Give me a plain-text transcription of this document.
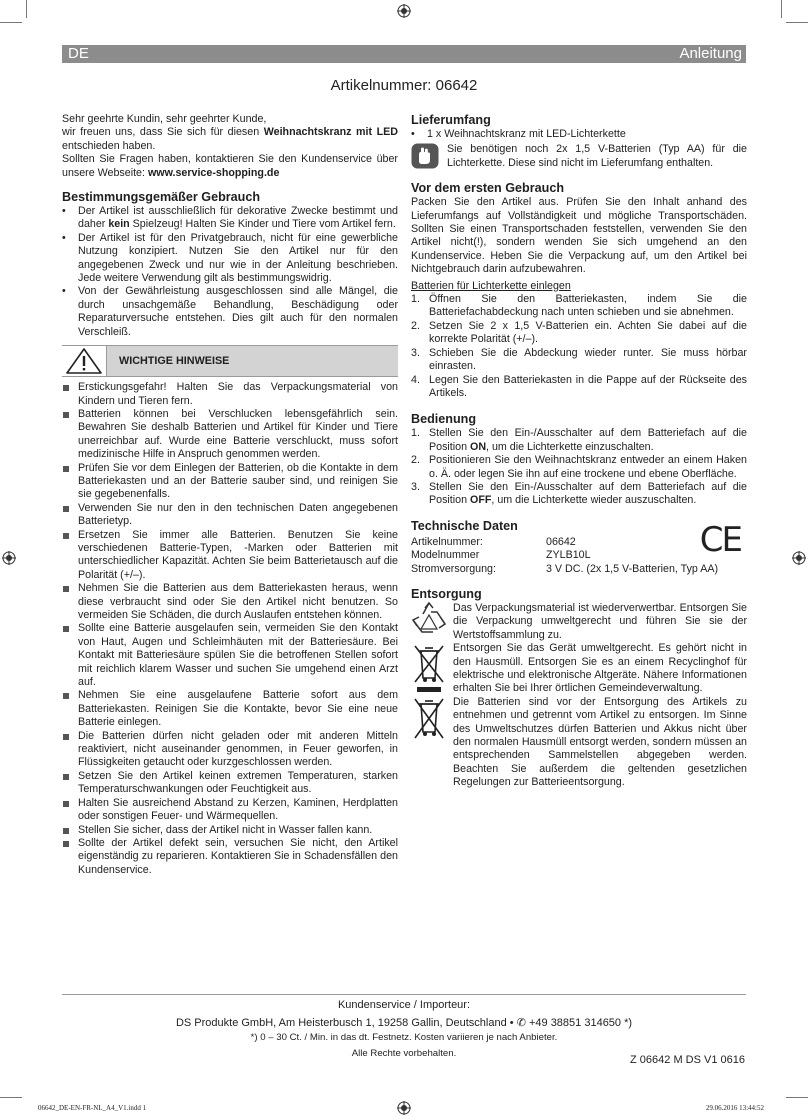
DE	Anleitung
Artikelnummer: 06642

Sehr geehrte Kundin, sehr geehrter Kunde,

wir freuen uns, dass Sie sich für diesen Weihnachtskranz mit LED entschieden haben.

Sollten Sie Fragen haben, kontaktieren Sie den Kundenservice über unsere Webseite: www.service-shopping.de

Bestimmungsgemäßer Gebrauch
• Der Artikel ist ausschließlich für dekorative Zwecke bestimmt und daher kein Spielzeug! Halten Sie Kinder und Tiere vom Artikel fern.
• Der Artikel ist für den Privatgebrauch, nicht für eine gewerbliche Nutzung konzipiert. Nutzen Sie den Artikel nur für den angegebenen Zweck und nur wie in der Anleitung beschrieben. Jede weitere Verwendung gilt als bestimmungswidrig.
• Von der Gewährleistung ausgeschlossen sind alle Mängel, die durch unsachgemäße Behandlung, Beschädigung oder Reparaturversuche entstehen. Dies gilt auch für den normalen Verschleiß.
WICHTIGE HINWEISE
Erstickungsgefahr! Halten Sie das Verpackungsmaterial von Kindern und Tieren fern.
Batterien können bei Verschlucken lebensgefährlich sein. Bewahren Sie deshalb Batterien und Artikel für Kinder und Tiere unerreichbar auf. Wurde eine Batterie verschluckt, muss sofort medizinische Hilfe in Anspruch genommen werden.
Prüfen Sie vor dem Einlegen der Batterien, ob die Kontakte in dem Batteriekasten und an der Batterie sauber sind, und reinigen Sie sie gegebenenfalls.
Verwenden Sie nur den in den technischen Daten angegebenen Batterietyp.
Ersetzen Sie immer alle Batterien. Benutzen Sie keine verschiedenen Batterie-Typen, -Marken oder Batterien mit unterschiedlicher Kapazität. Achten Sie beim Batterietausch auf die Polarität (+/–).
Nehmen Sie die Batterien aus dem Batteriekasten heraus, wenn diese verbraucht sind oder Sie den Artikel nicht benutzen. So vermeiden Sie Schäden, die durch Auslaufen entstehen können.
Sollte eine Batterie ausgelaufen sein, vermeiden Sie den Kontakt von Haut, Augen und Schleimhäuten mit der Batteriesäure. Bei Kontakt mit Batteriesäure spülen Sie die betroffenen Stellen sofort mit reichlich klarem Wasser und suchen Sie umgehend einen Arzt auf.
Nehmen Sie eine ausgelaufene Batterie sofort aus dem Batteriekasten. Reinigen Sie die Kontakte, bevor Sie eine neue Batterie einlegen.
Die Batterien dürfen nicht geladen oder mit anderen Mitteln reaktiviert, nicht auseinander genommen, in Feuer geworfen, in Flüssigkeiten getaucht oder kurzgeschlossen werden.
Setzen Sie den Artikel keinen extremen Temperaturen, starken Temperaturschwankungen oder Feuchtigkeit aus.
Halten Sie ausreichend Abstand zu Kerzen, Kaminen, Herdplatten oder sonstigen Feuer- und Wärmequellen.
Stellen Sie sicher, dass der Artikel nicht in Wasser fallen kann.
Sollte der Artikel defekt sein, versuchen Sie nicht, den Artikel eigenständig zu reparieren. Kontaktieren Sie in Schadensfällen den Kundenservice.
Lieferumfang
• 1 x Weihnachtskranz mit LED-Lichterkette

Sie benötigen noch 2x 1,5 V-Batterien (Typ AA) für die Lichterkette. Diese sind nicht im Lieferumfang enthalten.

Vor dem ersten Gebrauch

Packen Sie den Artikel aus. Prüfen Sie den Inhalt anhand des Lieferumfangs auf Vollständigkeit und mögliche Transportschäden. Sollten Sie einen Transportschaden feststellen, verwenden Sie den Artikel nicht(!), sondern wenden Sie sich umgehend an den Kundenservice. Heben Sie die Verpackung auf, um den Artikel bei Nichtgebrauch darin aufzubewahren.

Batterien für Lichterkette einlegen

1. Öffnen Sie den Batteriekasten, indem Sie die Batteriefachabdeckung nach unten schieben und sie abnehmen.
2. Setzen Sie 2 x 1,5 V-Batterien ein. Achten Sie dabei auf die korrekte Polarität (+/–).
3. Schieben Sie die Abdeckung wieder runter. Sie muss hörbar einrasten.
4. Legen Sie den Batteriekasten in die Pappe auf der Rückseite des Artikels.
Bedienung
1. Stellen Sie den Ein-/Ausschalter auf dem Batteriefach auf die Position ON, um die Lichterkette einzuschalten.
2. Positionieren Sie den Weihnachtskranz entweder an einem Haken o. Ä. oder legen Sie ihn auf eine trockene und ebene Oberfläche.
3. Stellen Sie den Ein-/Ausschalter auf dem Batteriefach auf die Position OFF, um die Lichterkette wieder auszuschalten.
Technische Daten
Artikelnummer:	06642
Modelnummer	ZYLB10L
Stromversorgung:	3 V DC. (2x 1,5 V-Batterien, Typ AA)
CE
Entsorgung

Das Verpackungsmaterial ist wiederverwertbar. Entsorgen Sie die Verpackung umweltgerecht und führen Sie sie der Wertstoffsammlung zu.

Entsorgen Sie das Gerät umweltgerecht. Es gehört nicht in den Hausmüll. Entsorgen Sie es an einem Recyclinghof für elektrische und elektronische Altgeräte. Nähere Informationen erhalten Sie bei Ihrer örtlichen Gemeindeverwaltung.

Die Batterien sind vor der Entsorgung des Artikels zu entnehmen und getrennt vom Artikel zu entsorgen. Im Sinne des Umweltschutzes dürfen Batterien und Akkus nicht über den normalen Hausmüll entsorgt werden, sondern müssen an entsprechenden Sammelstellen abgegeben werden. Beachten Sie außerdem die geltenden gesetzlichen Regelungen zur Batterieentsorgung.

Kundenservice / Importeur:
DS Produkte GmbH, Am Heisterbusch 1, 19258 Gallin, Deutschland • ✆ +49 38851 314650 *)
*) 0 – 30 Ct. / Min. in das dt. Festnetz. Kosten variieren je nach Anbieter.
Alle Rechte vorbehalten.
Z 06642 M DS V1 0616
06642_DE-EN-FR-NL_A4_V1.indd 1	29.06.2016 13:44:52
